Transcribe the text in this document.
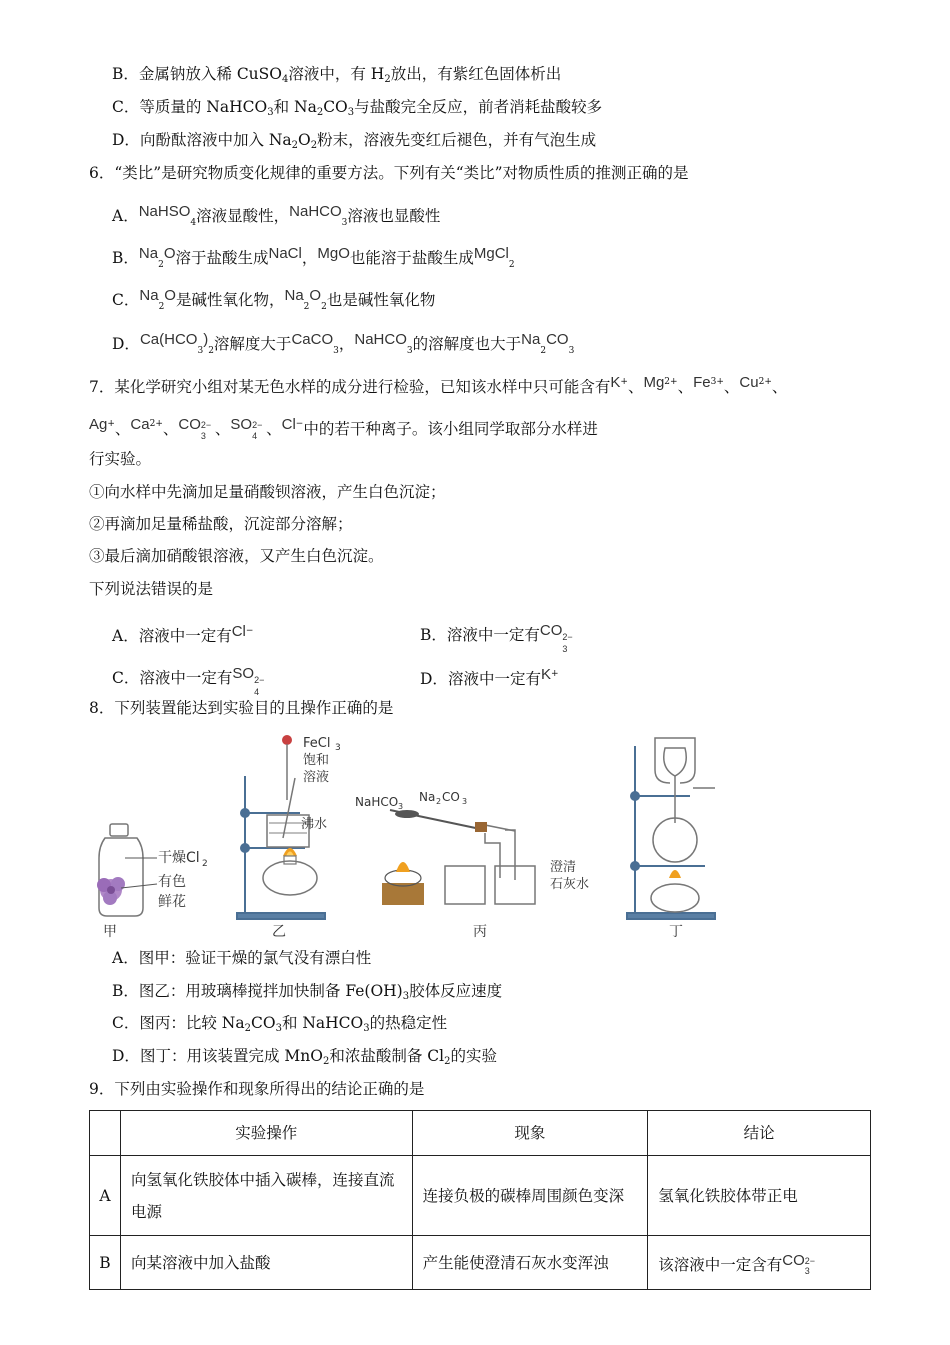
B．金属钠放入稀 CuSO$_4$溶液中，有 $H_2$放出，有紫红色固体析出
C．等质量的 NaHCO$_3$和 $Na_2CO_3$与盐酸完全反应，前者消耗盐酸较多
D．向酚酞溶液中加入 $Na_2O_2$粉末，溶液先变红后褪色，并有气泡生成
6．“类比”是研究物质变化规律的重要方法。下列有关“类比”对物质性质的推测正确的是
A．NaHSO$_4$溶液显酸性，NaHCO$_3$溶液也显酸性
B．$Na_2O$溶于盐酸生成NaCl，MgO也能溶于盐酸生成MgCl$_2$
C．$Na_2O$是碱性氧化物，$Na_2O_2$也是碱性氧化物
D．$Ca(HCO_3)_2$溶解度大于CaCO$_3$，NaHCO$_3$的溶解度也大于$Na_2CO_3$
7．某化学研究小组对某无色水样的成分进行检验，已知该水样中只可能含有K+、$Mg^{2+}$、$Fe^{3+}$、$Cu^{2+}$、
Ag+、$Ca^{2+}$、CO 2−
3 、SO 2−
4 、Cl−中的若干种离子。该小组同学取部分水样进
行实验。
①向水样中先滴加足量硝酸钡溶液，产生白色沉淀；
②再滴加足量稀盐酸，沉淀部分溶解；
③最后滴加硝酸银溶液，又产生白色沉淀。
下列说法错误的是
A．溶液中一定有Cl−	B．溶液中一定有CO 2−
3
C．溶液中一定有SO 2−
4
D．溶液中一定有K+
8．下列装置能达到实验目的且操作正确的是
干燥Cl 2
有色
鲜花
甲
FeCl 3
饱和
溶液
沸水
乙
NaHCO 3
Na 2 CO 3
澄清
石灰水
丙	丁
A．图甲：验证干燥的氯气没有漂白性
B．图乙：用玻璃棒搅拌加快制备 $Fe(OH)_3$胶体反应速度
C．图丙：比较 $Na_2CO_3$和 NaHCO$_3$的热稳定性
D．图丁：用该装置完成 MnO$_2$和浓盐酸制备 $Cl_2$的实验
9．下列由实验操作和现象所得出的结论正确的是
	实验操作	现象	结论
A	向氢氧化铁胶体中插入碳棒，连接直流电源	连接负极的碳棒周围颜色变深	氢氧化铁胶体带正电
B	向某溶液中加入盐酸	产生能使澄清石灰水变浑浊	该溶液中一定含有CO 2−
3
